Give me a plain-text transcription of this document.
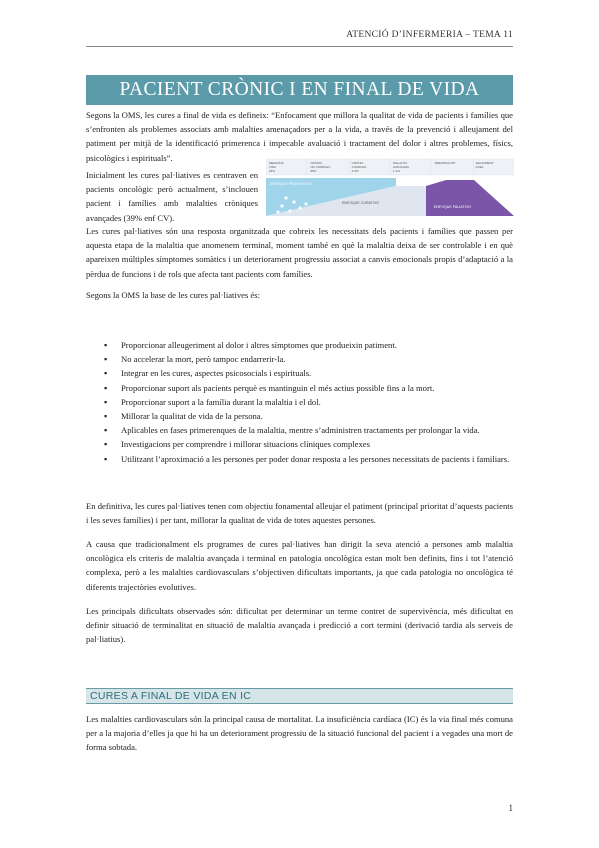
ATENCIÓ D’INFERMERIA – TEMA 11
PACIENT CRÒNIC I EN FINAL DE VIDA

Segons la OMS, les cures a final de vida es defineix: “Enfocament que millora la qualitat de vida de pacients i famílies que s’enfronten als problemes associats amb malalties amenaçadors per a la vida, a través de la prevenció i alleujament del patiment per mitjà de la identificació primerenca i impecable avaluació i tractament del dolor i altres problemes, físics, psicològics i espirituals”.

Inicialment les cures pal·liatives es centraven en pacients oncològic però actualment, s’inclouen pacient i famílies amb malalties cròniques avançades (39% enf CV).

MEDICINA
VIDA
29%
CRÒNIC
NO COMPLEX
65%
CRÒNIC
COMPLEX
2-5%
MALALTIA
AVANÇADA
1-2%
TERMINALITAT	SEGUIMENT
DUEL
ENFOQUE PREVENTIVO
ENFOQUE CURATIVO
ENFOQUE PALIATIVO

Les cures pal·liatives són una resposta organitzada que cobreix les necessitats dels pacients i famílies que passen per aquesta etapa de la malaltia que anomenem terminal, moment també en què la malaltia deixa de ser controlable i en què apareixen múltiples símptomes somàtics i un deteriorament progressiu associat a canvis emocionals propis d’adaptació a la pèrdua de funcions i de rols que afecta tant pacients com famílies.

Segons la OMS la base de les cures pal·liatives és:

▪ Proporcionar alleugeriment al dolor i altres símptomes que produeixin patiment.
▪ No accelerar la mort, però tampoc endarrerir-la.
▪ Integrar en les cures, aspectes psicosocials i espirituals.
▪ Proporcionar suport als pacients perquè es mantinguin el més actius possible fins a la mort.
▪ Proporcionar suport a la família durant la malaltia i el dol.
▪ Millorar la qualitat de vida de la persona.
▪ Aplicables en fases primerenques de la malaltia, mentre s’administren tractaments per prolongar la vida.
▪ Investigacions per comprendre i millorar situacions clíniques complexes
▪ Utilitzant l’aproximació a les persones per poder donar resposta a les persones necessitats de pacients i familiars.

En definitiva, les cures pal·liatives tenen com objectiu fonamental alleujar el patiment (principal prioritat d’aquests pacients i les seves famílies) i per tant, millorar la qualitat de vida de totes aquestes persones.

A causa que tradicionalment els programes de cures pal·liatives han dirigit la seva atenció a persones amb malaltia oncològica els criteris de malaltia avançada i terminal en patologia oncològica estan molt ben definits, fins i tot l’atenció complexa, però a les malalties cardiovasculars s’objectiven dificultats importants, ja que cada patologia no oncològica té diferents trajectòries evolutives.

Les principals dificultats observades són: dificultat per determinar un terme contret de supervivència, més dificultat en definir situació de terminalitat en situació de malaltia avançada i predicció a cort termini (derivació tardia als serveis de pal·liatius).

CURES A FINAL DE VIDA EN IC

Les malalties cardiovasculars són la principal causa de mortalitat. La insuficiència cardíaca (IC) és la via final més comuna per a la majoria d’elles ja que hi ha un deteriorament progressiu de la situació funcional del pacient i a vegades una mort de forma sobtada.

1
